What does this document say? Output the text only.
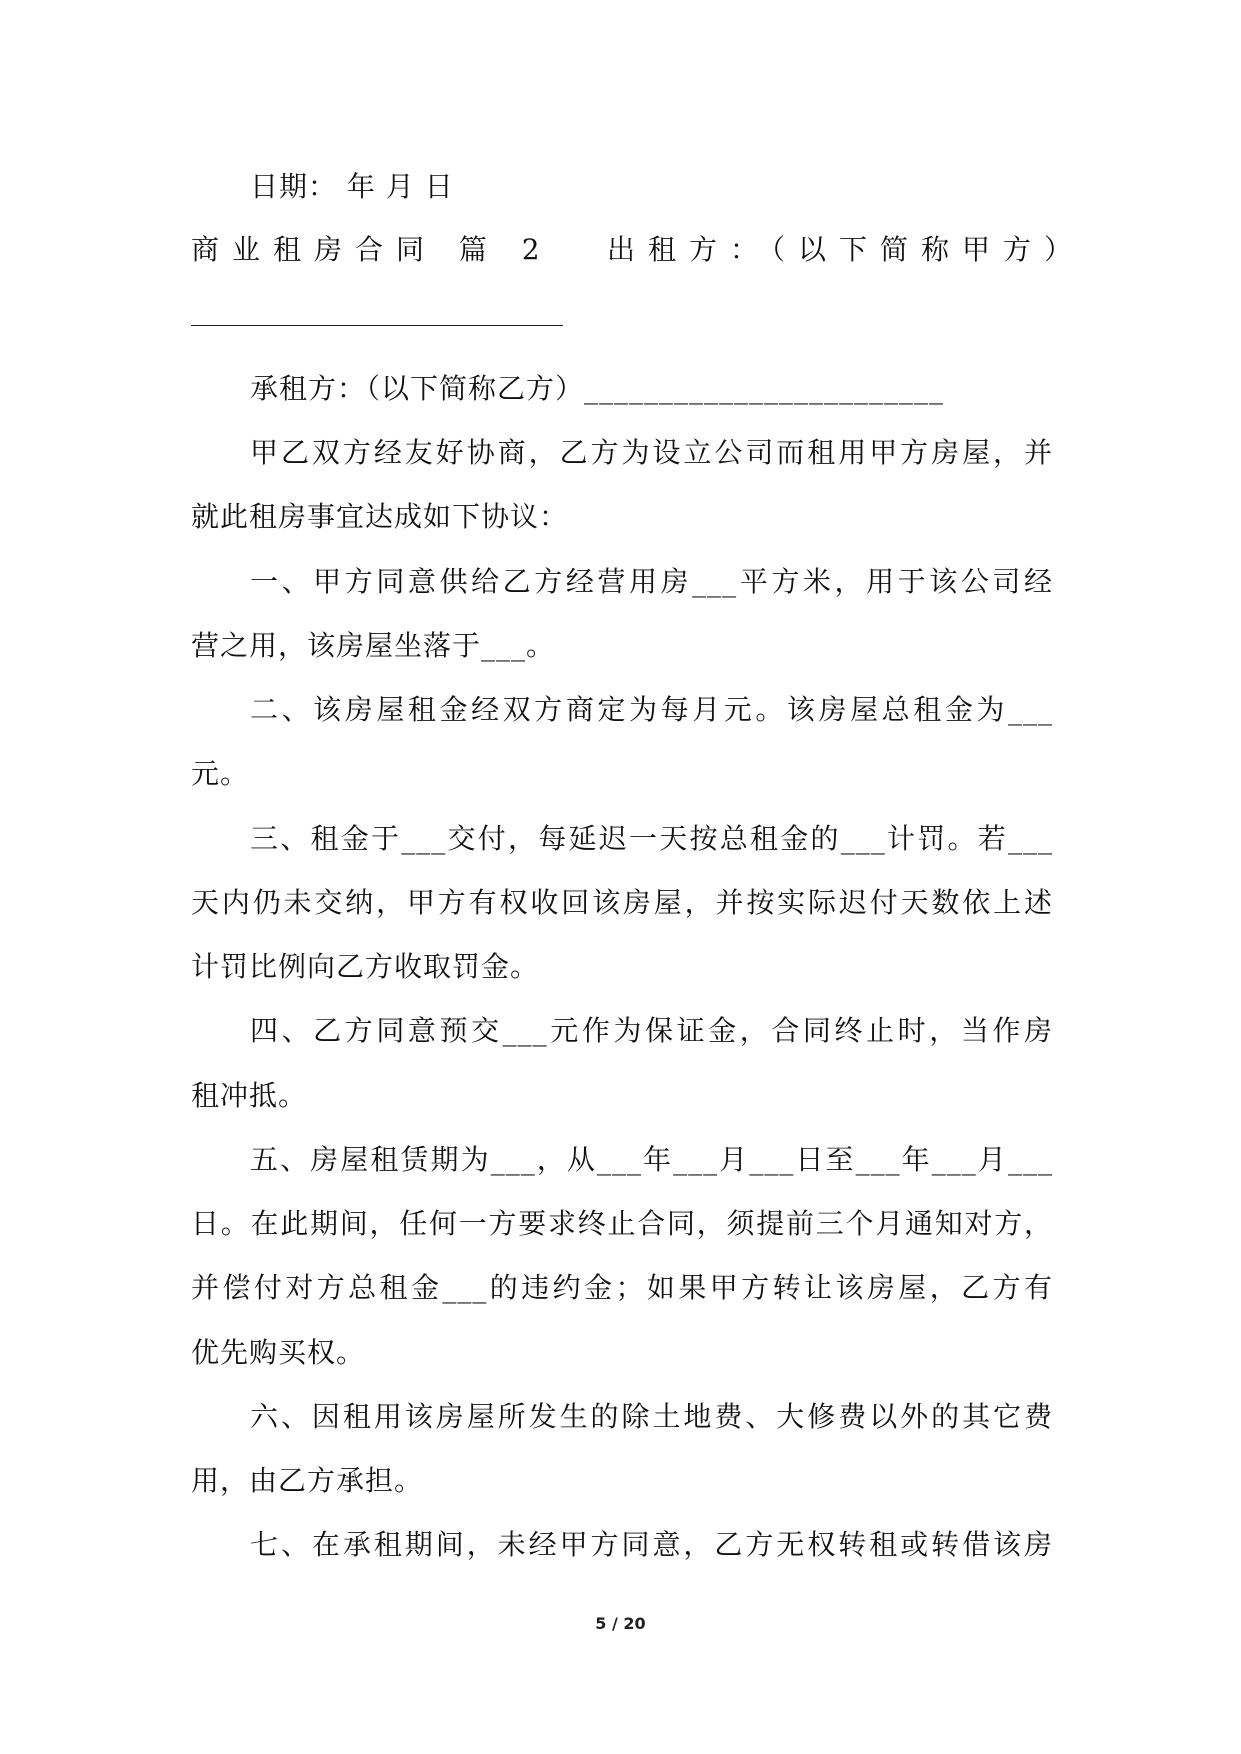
日期： 年 月 日
商业租房合同 篇 2 出租方：（以下简称甲方）
承租方：（以下简称乙方）________________________
甲乙双方经友好协商，乙方为设立公司而租用甲方房屋，并
就此租房事宜达成如下协议：
一、甲方同意供给乙方经营用房___平方米，用于该公司经
营之用，该房屋坐落于___。
二、该房屋租金经双方商定为每月元。该房屋总租金为___
元。
三、租金于___交付，每延迟一天按总租金的___计罚。若___
天内仍未交纳，甲方有权收回该房屋，并按实际迟付天数依上述
计罚比例向乙方收取罚金。
四、乙方同意预交___元作为保证金，合同终止时，当作房
租冲抵。
五、房屋租赁期为___，从___年___月___日至___年___月___
日。在此期间，任何一方要求终止合同，须提前三个月通知对方，
并偿付对方总租金___的违约金；如果甲方转让该房屋，乙方有
优先购买权。
六、因租用该房屋所发生的除土地费、大修费以外的其它费
用，由乙方承担。
七、在承租期间，未经甲方同意，乙方无权转租或转借该房
5 / 20
